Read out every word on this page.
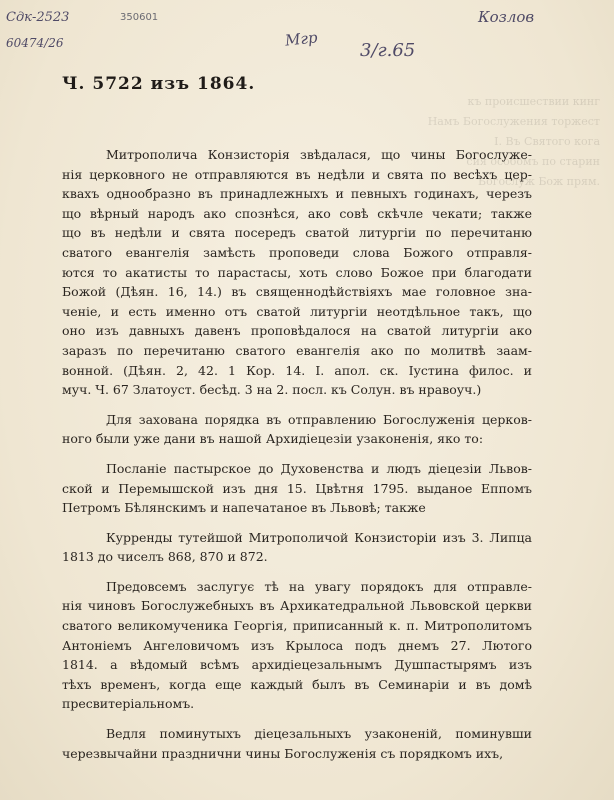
къ происшествии кинг
Намъ Богослужения торжест
I. Въ Святого кога
сия особомъ по старин
Богослуж Бож прям.
Сдк-2523	350601
60474/26	Мгр
3/г.65
Козлов
Ч. 5722 изъ 1864.
Митрополича Конзисторія звѣдалася, що чины Богослуже-
нія церковного не отправляются въ недѣли и свята по весѣхъ цер-
квахъ однообразно въ принадлежныхъ и певныхъ годинахъ, черезъ
що вѣрный народъ ако спознѣся, ако совѣ скѣчле чекати; также
що въ недѣли и свята посередъ сватой литургіи по перечитаню
сватого евангелія замѣсть проповеди слова Божого отправля-
ются то акатисты то парастасы, хоть слово Божое при благодати
Божой (Дѣян. 16, 14.) въ священнодѣйствіяхъ мае головное зна-
ченіе, и есть именно отъ сватой литургіи неотдѣльное такъ, що
оно изъ давныхъ давенъ проповѣдалося на сватой литургіи ако
заразъ по перечитаню сватого евангелія ако по молитвѣ заам-
вонной. (Дѣян. 2, 42. 1 Кор. 14. І. апол. ск. Іустина филос. и
муч. Ч. 67 Златоуст. бесѣд. 3 на 2. посл. къ Солун. въ нравоуч.)
Для захована порядка въ отправлению Богослуженія церков-
ного были уже дани въ нашой Архидіецезіи узаконенія, яко то:
Посланіе пастырское до Духовенства и людъ діецезіи Львов-
ской и Перемышской изъ дня 15. Цвѣтня 1795. выданое Еппомъ
Петромъ Бѣлянскимъ и напечатаное въ Львовѣ; также
Курренды тутейшой Митрополичой Конзисторіи изъ 3. Липца
1813 до чиселъ 868, 870 и 872.
Предовсемъ заслугує тѣ на увагу порядокъ для отправле-
нія чиновъ Богослужебныхъ въ Архикатедральной Львовской церкви
сватого великомученика Георгія, приписанный к. п. Митрополитомъ
Антоніемъ Ангеловичомъ изъ Крылоса подъ днемъ 27. Лютого
1814. а вѣдомый всѣмъ архидіецезальнымъ Душпастырямъ изъ
тѣхъ временъ, когда еще каждый былъ въ Семинаріи и въ домѣ
пресвитеріальномъ.
Ведля поминутыхъ діецезальныхъ узаконеній, поминувши
черезвычайни празднични чины Богослуженія съ порядкомъ ихъ,
